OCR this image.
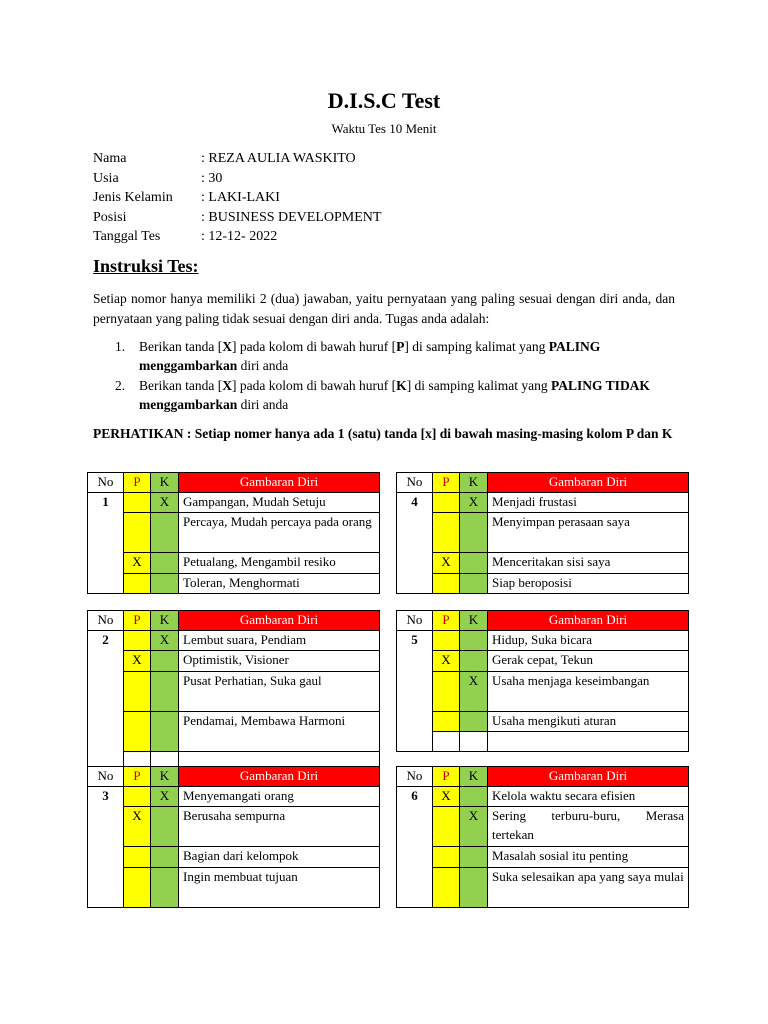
D.I.S.C Test
Waktu Tes 10 Menit
Nama	: REZA AULIA WASKITO
Usia	: 30
Jenis Kelamin : LAKI-LAKI
Posisi	: BUSINESS DEVELOPMENT
Tanggal Tes	: 12-12- 2022
Instruksi Tes:
Setiap nomor hanya memiliki 2 (dua) jawaban, yaitu pernyataan yang paling sesuai dengan diri anda, dan pernyataan yang paling tidak sesuai dengan diri anda. Tugas anda adalah:
1. Berikan tanda [X] pada kolom di bawah huruf [P] di samping kalimat yang PALING menggambarkan diri anda
2. Berikan tanda [X] pada kolom di bawah huruf [K] di samping kalimat yang PALING TIDAK menggambarkan diri anda
PERHATIKAN : Setiap nomer hanya ada 1 (satu) tanda [x] di bawah masing-masing kolom P dan K
No	P	K	Gambaran Diri
1		X	Gampangan, Mudah Setuju
			Percaya, Mudah percaya pada orang
	X		Petualang, Mengambil resiko
			Toleran, Menghormati
No	P	K	Gambaran Diri
4		X	Menjadi frustasi
			Menyimpan perasaan saya
	X		Menceritakan sisi saya
			Siap beroposisi
No	P	K	Gambaran Diri
2		X	Lembut suara, Pendiam
	X		Optimistik, Visioner
			Pusat Perhatian, Suka gaul
			Pendamai, Membawa Harmoni

No	P	K	Gambaran Diri
5			Hidup, Suka bicara
	X		Gerak cepat, Tekun
		X	Usaha menjaga keseimbangan
			Usaha mengikuti aturan

No	P	K	Gambaran Diri
3		X	Menyemangati orang
	X		Berusaha sempurna
			Bagian dari kelompok
			Ingin membuat tujuan
No	P	K	Gambaran Diri
6	X		Kelola waktu secara efisien
		X	Sering terburu-buru, Merasa tertekan
			Masalah sosial itu penting
			Suka selesaikan apa yang saya mulai
